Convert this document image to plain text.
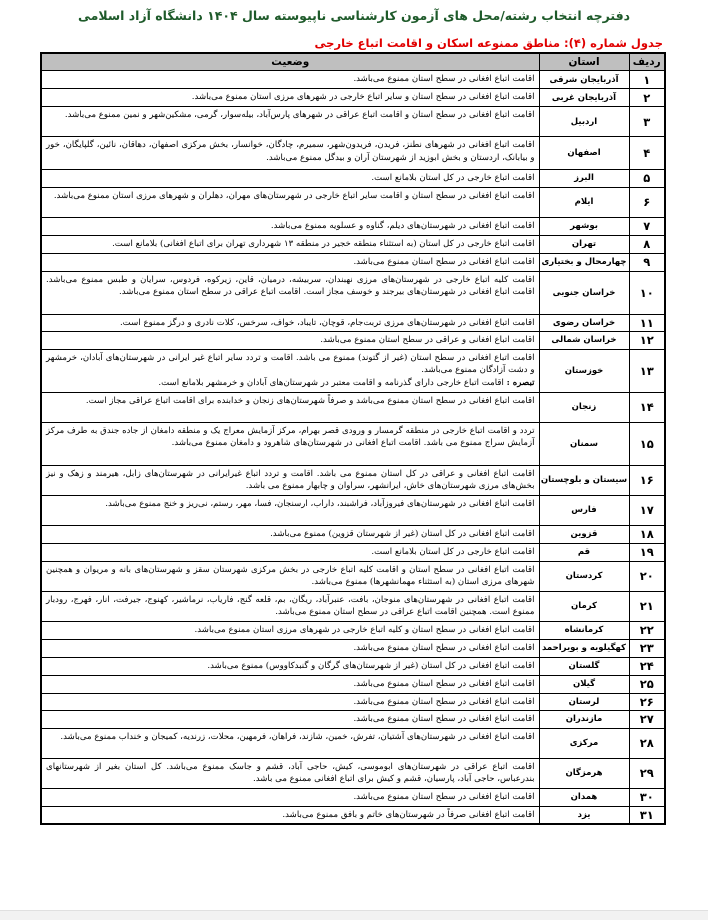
دفترچه انتخاب رشته/محل های آزمون کارشناسی ناپیوسته سال ۱۴۰۴ دانشگاه آزاد اسلامی
جدول شماره (۴): مناطق ممنوعه اسکان و اقامت اتباع خارجی
ردیف	استان	وضعیت
۱	آذربایجان شرقی	اقامت اتباع افغانی در سطح استان ممنوع می‌باشد.
۲	آذربایجان غربی	اقامت اتباع افغانی در سطح استان و سایر اتباع خارجی در شهرهای مرزی استان ممنوع می‌باشد.
۳	اردبیل	اقامت اتباع افغانی در سطح استان و اقامت اتباع عراقی در شهرهای پارس‌آباد، بیله‌سوار، گرمی، مشکین‌شهر و نمین ممنوع می‌باشد.
۴	اصفهان	اقامت اتباع افغانی در شهرهای نطنز، فریدن، فریدون‌شهر، سمیرم، چادگان، خوانسار، بخش مرکزی اصفهان، دهاقان، نائین، گلپایگان، خور و بیابانک، اردستان و بخش ابوزید از شهرستان آران و بیدگل ممنوع می‌باشد.
۵	البرز	اقامت اتباع خارجی در کل استان بلامانع است.
۶	ایلام	اقامت اتباع افغانی در سطح استان و اقامت سایر اتباع خارجی در شهرستان‌های مهران، دهلران و شهرهای مرزی استان ممنوع می‌باشد.
۷	بوشهر	اقامت اتباع افغانی در شهرستان‌های دیلم، گناوه و عسلویه ممنوع می‌باشد.
۸	تهران	اقامت اتباع خارجی در کل استان (به استثناء منطقه خجیر در منطقه ۱۳ شهرداری تهران برای اتباع افغانی) بلامانع است.
۹	چهارمحال و بختیاری	اقامت اتباع افغانی در سطح استان ممنوع می‌باشد.
۱۰	خراسان جنوبی	اقامت کلیه اتباع خارجی در شهرستان‌های مرزی نهبندان، سربیشه، درمیان، قاین، زیرکوه، فردوس، سرایان و طبس ممنوع می‌باشد. اقامت اتباع افغانی در شهرستان‌های بیرجند و خوسف مجاز است. اقامت اتباع عراقی در سطح استان ممنوع می‌باشد.
۱۱	خراسان رضوی	اقامت اتباع افغانی در شهرستان‌های مرزی تربت‌جام، قوچان، تایباد، خواف، سرخس، کلات نادری و درگز ممنوع است.
۱۲	خراسان شمالی	اقامت اتباع افغانی و عراقی در سطح استان ممنوع می‌باشد.
۱۳	خوزستان	اقامت اتباع افغانی در سطح استان (غیر از گتوند) ممنوع می باشد. اقامت و تردد سایر اتباع غیر ایرانی در شهرستان‌های آبادان، خرمشهر و دشت آزادگان ممنوع می‌باشد.
تبصره : اقامت اتباع خارجی دارای گذرنامه و اقامت معتبر در شهرستان‌های آبادان و خرمشهر بلامانع است.
۱۴	زنجان	اقامت اتباع افغانی در سطح استان ممنوع می‌باشد و صرفاً شهرستان‌های زنجان و خدابنده برای اقامت اتباع عراقی مجاز است.
۱۵	سمنان	تردد و اقامت اتباع خارجی در منطقه گرمسار و ورودی قصر بهرام، مرکز آزمایش معراج یک و منطقه دامغان از جاده جندق به طرف مرکز آزمایش سراج ممنوع می باشد. اقامت اتباع افغانی در شهرستان‌های شاهرود و دامغان ممنوع می‌باشد.
۱۶	سیستان و بلوچستان	اقامت اتباع افغانی و عراقی در کل استان ممنوع می باشد. اقامت و تردد اتباع غیرایرانی در شهرستان‌های زابل، هیرمند و زهک و نیز بخش‌های مرزی شهرستان‌های خاش، ایرانشهر، سراوان و چابهار ممنوع می باشد.
۱۷	فارس	اقامت اتباع افغانی در شهرستان‌های فیروزآباد، فراشبند، داراب، ارسنجان، فسا، مهر، رستم، نی‌ریز و خنج ممنوع می‌باشد.
۱۸	قزوین	اقامت اتباع افغانی در کل استان (غیر از شهرستان قزوین) ممنوع می‌باشد.
۱۹	قم	اقامت اتباع خارجی در کل استان بلامانع است.
۲۰	کردستان	اقامت اتباع افغانی در سطح استان و اقامت کلیه اتباع خارجی در بخش مرکزی شهرستان سقز و شهرستان‌های بانه و مریوان و همچنین شهرهای مرزی استان (به استثناء مهمانشهرها) ممنوع می‌باشد.
۲۱	کرمان	اقامت اتباع افغانی در شهرستان‌های منوجان، بافت، عنبرآباد، ریگان، بم، قلعه گنج، فاریاب، نرماشیر، کهنوج، جیرفت، انار، فهرج، رودبار ممنوع است. همچنین اقامت اتباع عراقی در سطح استان ممنوع می‌باشد.
۲۲	کرمانشاه	اقامت اتباع افغانی در سطح استان و کلیه اتباع خارجی در شهرهای مرزی استان ممنوع می‌باشد.
۲۳	کهگیلویه و بویراحمد	اقامت اتباع افغانی در سطح استان ممنوع می‌باشد.
۲۴	گلستان	اقامت اتباع افغانی در کل استان (غیر از شهرستان‌های گرگان و گنبدکاووس) ممنوع می‌باشد.
۲۵	گیلان	اقامت اتباع افغانی در سطح استان ممنوع می‌باشد.
۲۶	لرستان	اقامت اتباع افغانی در سطح استان ممنوع می‌باشد.
۲۷	مازندران	اقامت اتباع افغانی در سطح استان ممنوع می‌باشد.
۲۸	مرکزی	اقامت اتباع افغانی در شهرستان‌های آشتیان، تفرش، خمین، شازند، فراهان، فرمهین، محلات، زرندیه، کمیجان و خنداب ممنوع می‌باشد.
۲۹	هرمزگان	اقامت اتباع عراقی در شهرستان‌های ابوموسی، کیش، حاجی آباد، قشم و جاسک ممنوع می‌باشد. کل استان بغیر از شهرستانهای بندرعباس، حاجی آباد، پارسیان، قشم و کیش برای اتباع افغانی ممنوع می باشد.
۳۰	همدان	اقامت اتباع افغانی در سطح استان ممنوع می‌باشد.
۳۱	یزد	اقامت اتباع افغانی صرفاً در شهرستان‌های خاتم و بافق ممنوع می‌باشد.
